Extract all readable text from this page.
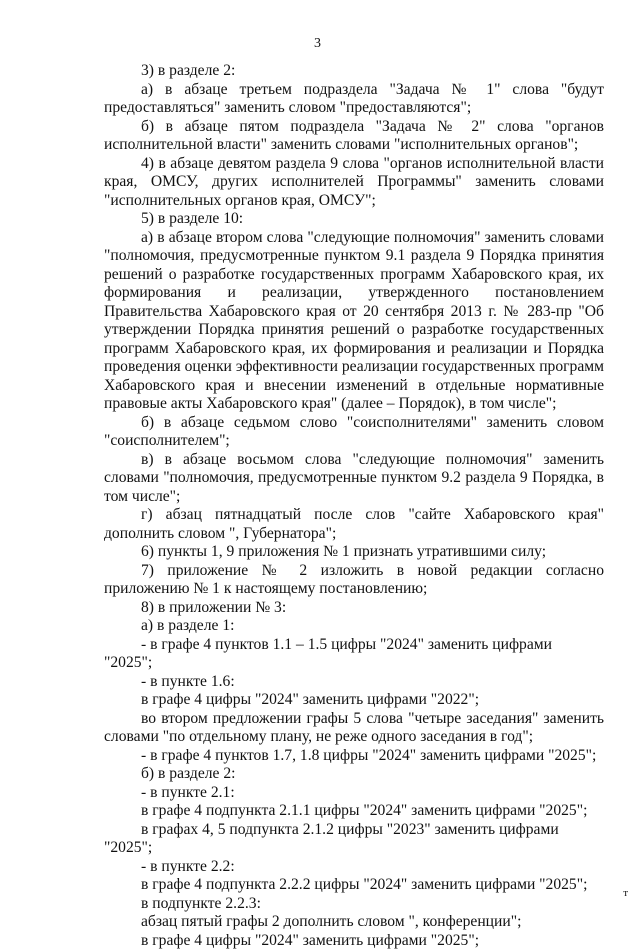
3

3) в разделе 2:

а) в абзаце третьем подраздела "Задача № 1" слова "будут предоставляться" заменить словом "предоставляются";

б) в абзаце пятом подраздела "Задача № 2" слова "органов исполнительной власти" заменить словами "исполнительных органов";

4) в абзаце девятом раздела 9 слова "органов исполнительной власти края, ОМСУ, других исполнителей Программы" заменить словами "исполнительных органов края, ОМСУ";

5) в разделе 10:

а) в абзаце втором слова "следующие полномочия" заменить словами "полномочия, предусмотренные пунктом 9.1 раздела 9 Порядка принятия решений о разработке государственных программ Хабаровского края, их формирования и реализации, утвержденного постановлением Правительства Хабаровского края от 20 сентября 2013 г. № 283-пр "Об утверждении Порядка принятия решений о разработке государственных программ Хабаровского края, их формирования и реализации и Порядка проведения оценки эффективности реализации государственных программ Хабаровского края и внесении изменений в отдельные нормативные правовые акты Хабаровского края" (далее – Порядок), в том числе";

б) в абзаце седьмом слово "соисполнителями" заменить словом "соисполнителем";

в) в абзаце восьмом слова "следующие полномочия" заменить словами "полномочия, предусмотренные пунктом 9.2 раздела 9 Порядка, в том числе";

г) абзац пятнадцатый после слов "сайте Хабаровского края" дополнить словом ", Губернатора";

6) пункты 1, 9 приложения № 1 признать утратившими силу;

7) приложение № 2 изложить в новой редакции согласно приложению № 1 к настоящему постановлению;

8) в приложении № 3:

а) в разделе 1:

- в графе 4 пунктов 1.1 – 1.5 цифры "2024" заменить цифрами "2025";

- в пункте 1.6:

в графе 4 цифры "2024" заменить цифрами "2022";

во втором предложении графы 5 слова "четыре заседания" заменить словами "по отдельному плану, не реже одного заседания в год";

- в графе 4 пунктов 1.7, 1.8 цифры "2024" заменить цифрами "2025";

б) в разделе 2:

- в пункте 2.1:

в графе 4 подпункта 2.1.1 цифры "2024" заменить цифрами "2025";

в графах 4, 5 подпункта 2.1.2 цифры "2023" заменить цифрами "2025";

- в пункте 2.2:

в графе 4 подпункта 2.2.2 цифры "2024" заменить цифрами "2025";

в подпункте 2.2.3:

абзац пятый графы 2 дополнить словом ", конференции";

в графе 4 цифры "2024" заменить цифрами "2025";

т
